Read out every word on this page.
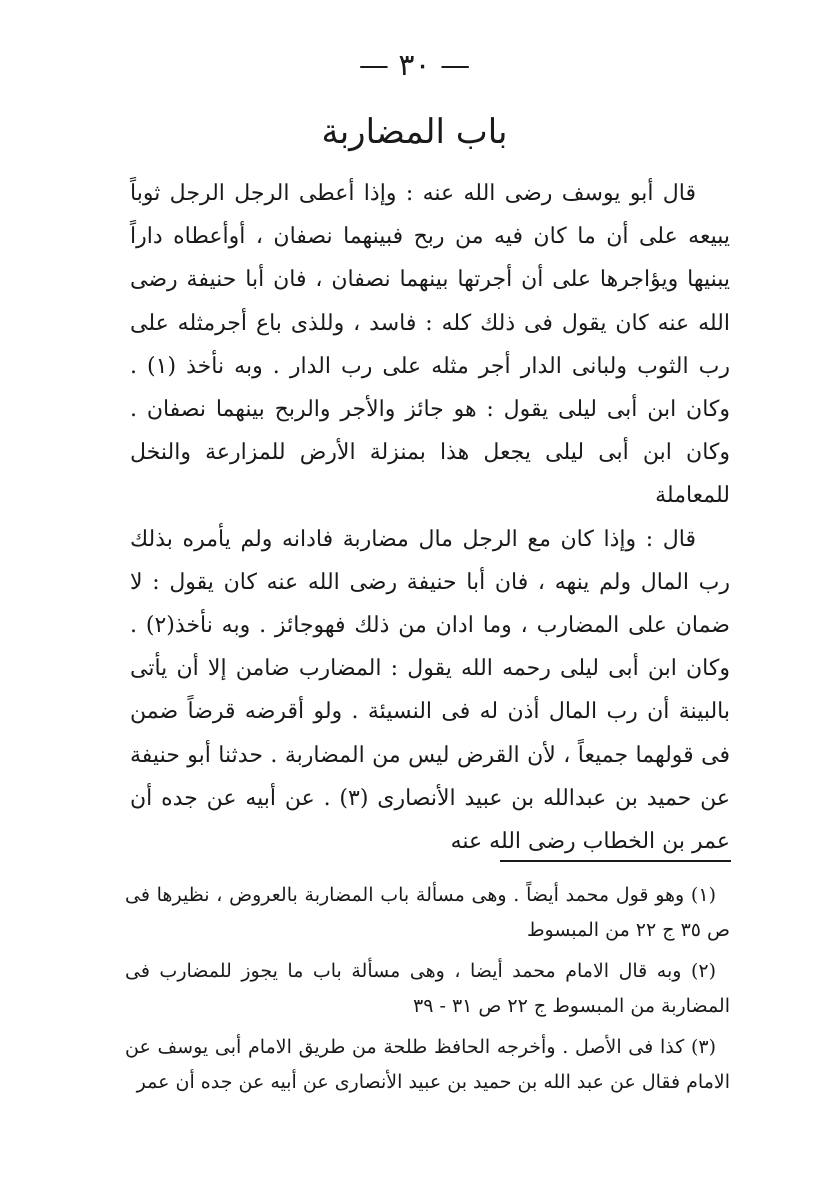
— ٣٠ —
باب المضاربة

قال أبو يوسف رضى الله عنه : وإذا أعطى الرجل الرجل ثوباً يبيعه على أن ما كان فيه من ربح فبينهما نصفان ، أوأعطاه داراً يبنيها ويؤاجرها على أن أجرتها بينهما نصفان ، فان أبا حنيفة رضى الله عنه كان يقول فى ذلك كله : فاسد ، وللذى باع أجرمثله على رب الثوب ولبانى الدار أجر مثله على رب الدار . وبه نأخذ (١) . وكان ابن أبى ليلى يقول : هو جائز والأجر والربح بينهما نصفان . وكان ابن أبى ليلى يجعل هذا بمنزلة الأرض للمزارعة والنخل للمعاملة

قال : وإذا كان مع الرجل مال مضاربة فادانه ولم يأمره بذلك رب المال ولم ينهه ، فان أبا حنيفة رضى الله عنه كان يقول : لا ضمان على المضارب ، وما ادان من ذلك فهوجائز . وبه نأخذ(٢) . وكان ابن أبى ليلى رحمه الله يقول : المضارب ضامن إلا أن يأتى بالبينة أن رب المال أذن له فى النسيئة . ولو أقرضه قرضاً ضمن فى قولهما جميعاً ، لأن القرض ليس من المضاربة . حدثنا أبو حنيفة عن حميد بن عبدالله بن عبيد الأنصارى (٣) . عن أبيه عن جده أن عمر بن الخطاب رضى الله عنه

(١) وهو قول محمد أيضاً . وهى مسألة باب المضاربة بالعروض ، نظيرها فى ص ٣٥ ج ٢٢ من المبسوط

(٢) وبه قال الامام محمد أيضا ، وهى مسألة باب ما يجوز للمضارب فى المضاربة من المبسوط ج ٢٢ ص ٣١ - ٣٩

(٣) كذا فى الأصل . وأخرجه الحافظ طلحة من طريق الامام أبى يوسف عن الامام فقال عن عبد الله بن حميد بن عبيد الأنصارى عن أبيه عن جده أن عمر
